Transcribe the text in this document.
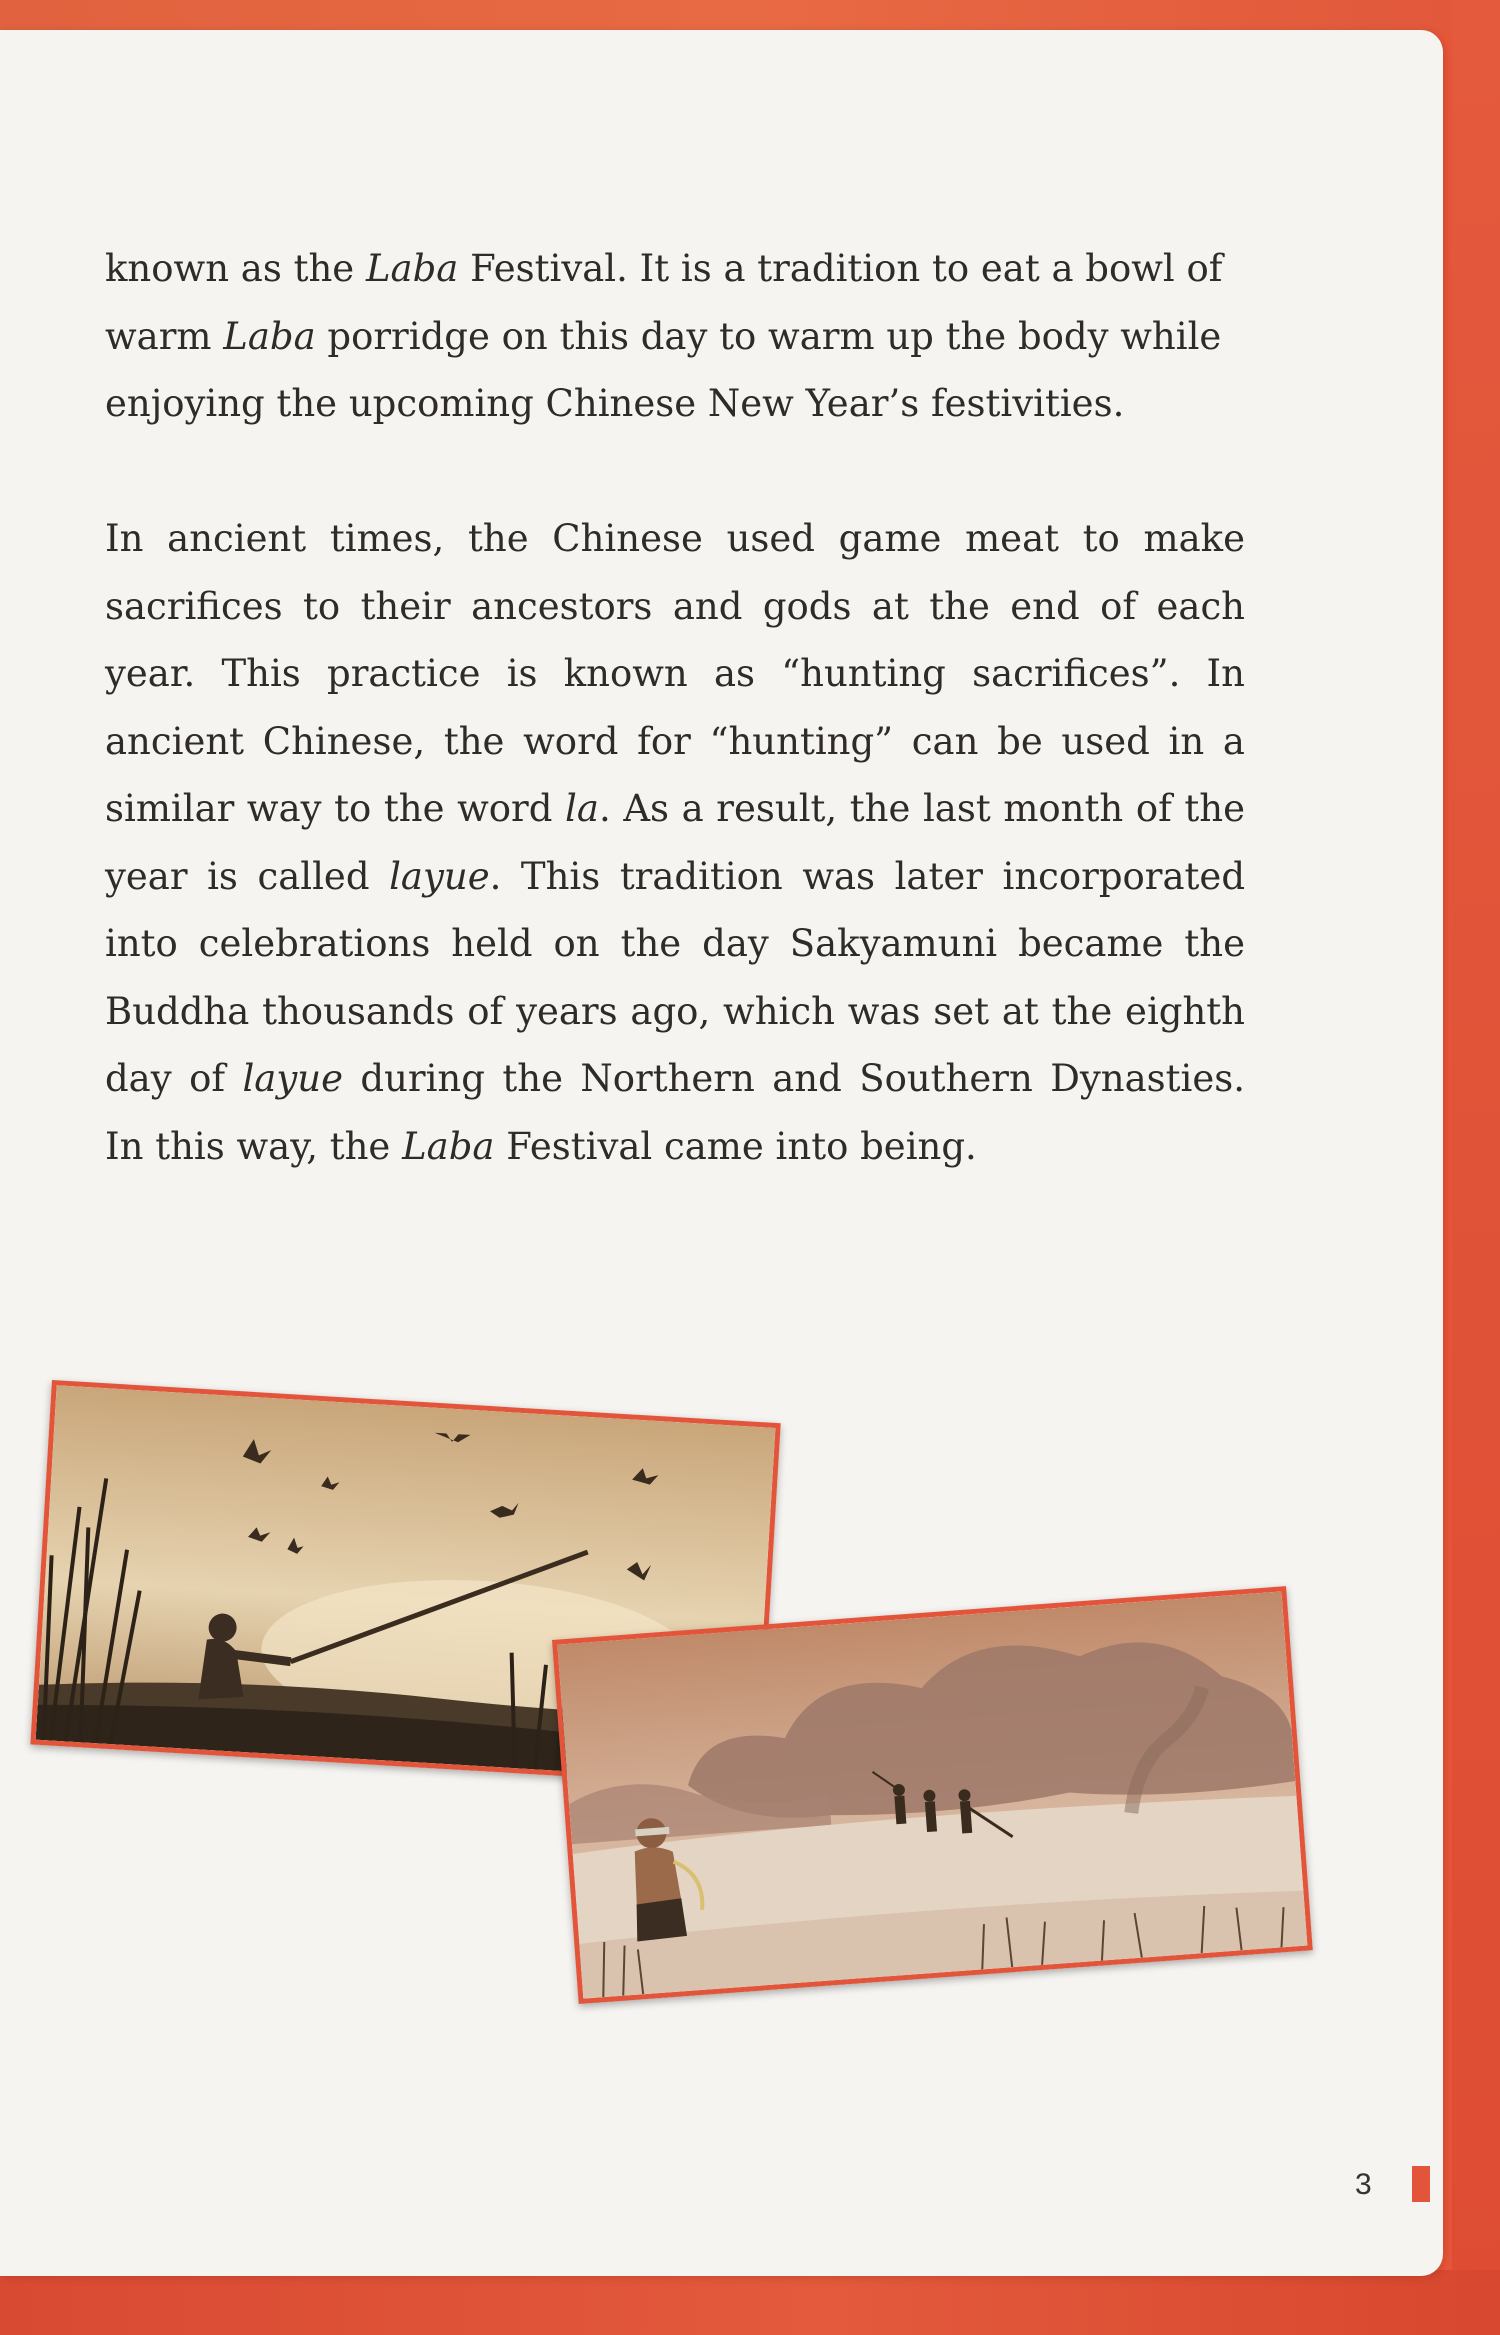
known as the Laba Festival. It is a tradition to eat a bowl of
warm Laba porridge on this day to warm up the body while
enjoying the upcoming Chinese New Year’s festivities.
In ancient times, the Chinese used game meat to make
sacrifices to their ancestors and gods at the end of each
year. This practice is known as “hunting sacrifices”. In
ancient Chinese, the word for “hunting” can be used in a
similar way to the word la. As a result, the last month of the
year is called layue. This tradition was later incorporated
into celebrations held on the day Sakyamuni became the
Buddha thousands of years ago, which was set at the eighth
day of layue during the Northern and Southern Dynasties.
In this way, the Laba Festival came into being.
3
